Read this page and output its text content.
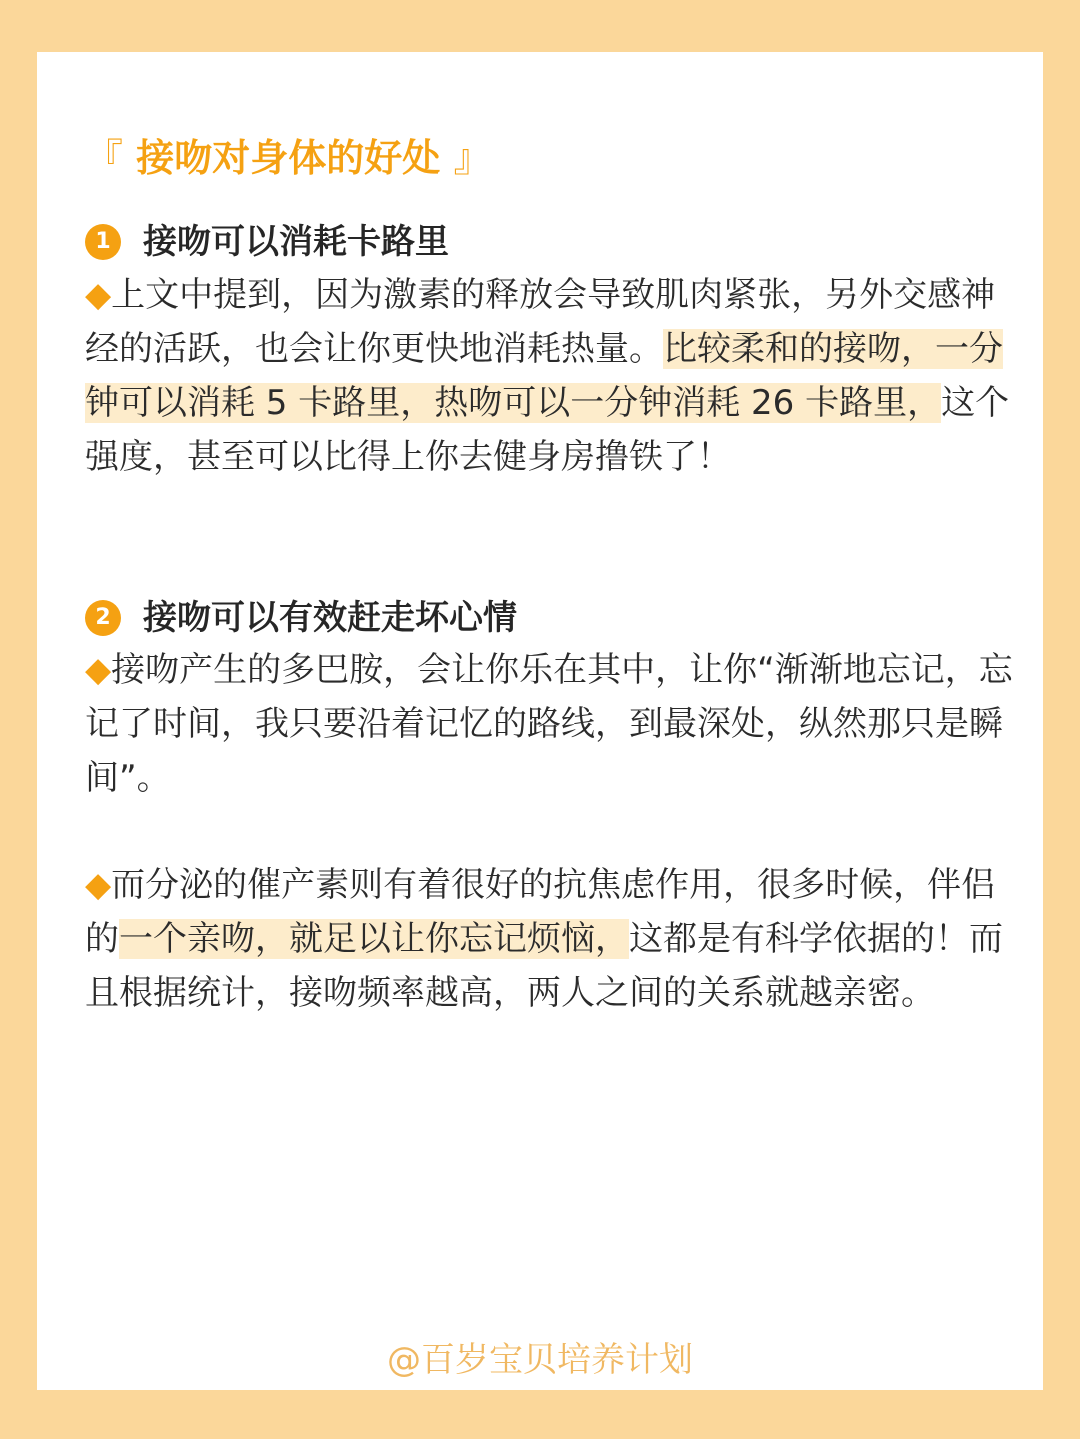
『 接吻对身体的好处 』
1 接吻可以消耗卡路里

◆上文中提到，因为激素的释放会导致肌肉紧张，另外交感神经的活跃，也会让你更快地消耗热量。比较柔和的接吻，一分钟可以消耗 5 卡路里，热吻可以一分钟消耗 26 卡路里，这个强度，甚至可以比得上你去健身房撸铁了！

2 接吻可以有效赶走坏心情

◆接吻产生的多巴胺，会让你乐在其中，让你“渐渐地忘记，忘记了时间，我只要沿着记忆的路线，到最深处，纵然那只是瞬间”。

◆而分泌的催产素则有着很好的抗焦虑作用，很多时候，伴侣的一个亲吻，就足以让你忘记烦恼，这都是有科学依据的！而且根据统计，接吻频率越高，两人之间的关系就越亲密。

@百岁宝贝培养计划
